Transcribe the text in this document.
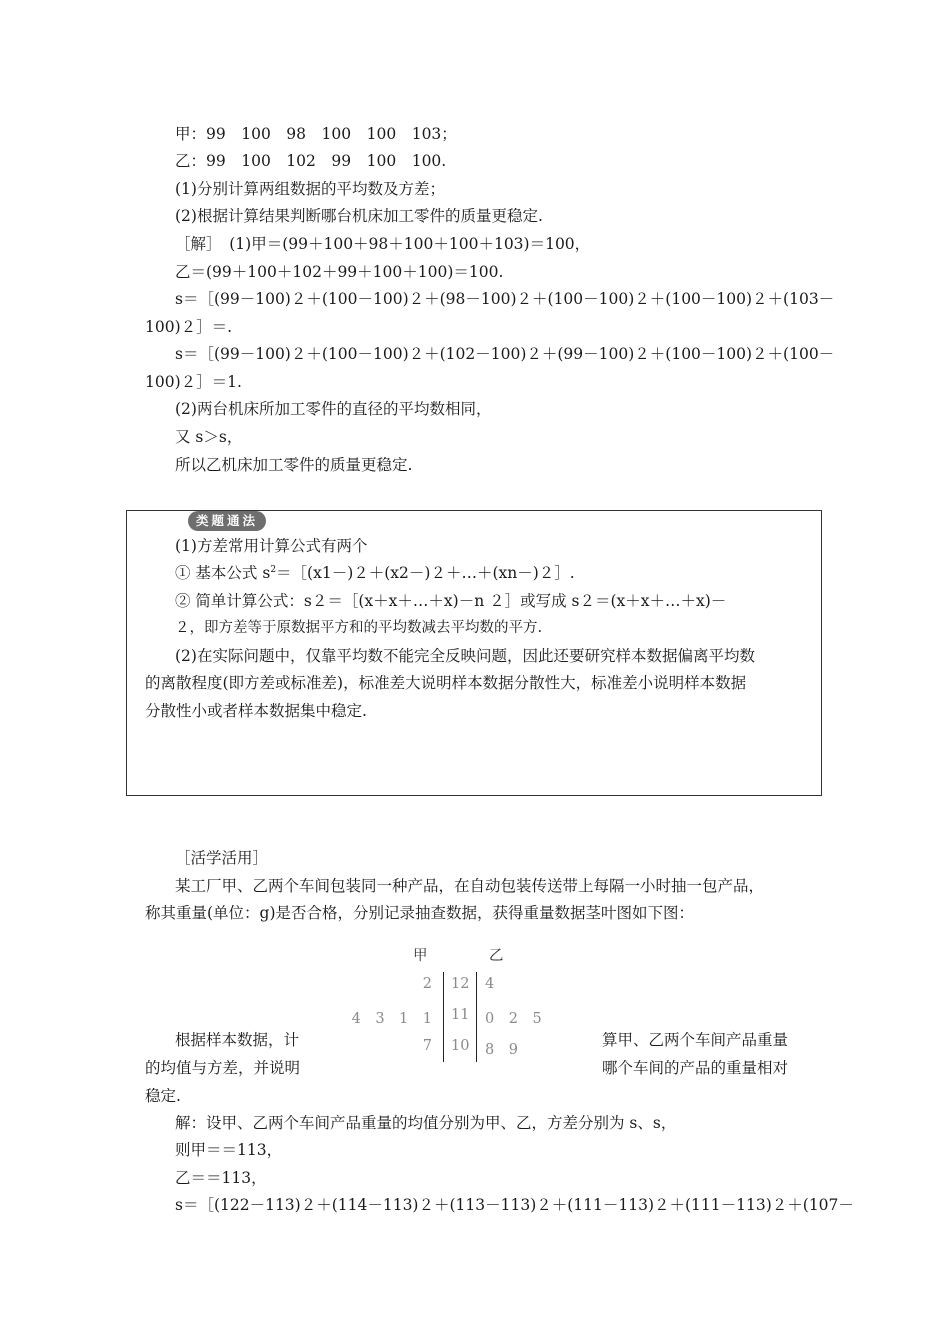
甲：99　100　98　100　100　103；
乙：99　100　102　99　100　100.
(1)分别计算两组数据的平均数及方差；
(2)根据计算结果判断哪台机床加工零件的质量更稳定.
［解］　(1)甲＝(99＋100＋98＋100＋100＋103)＝100，
乙＝(99＋100＋102＋99＋100＋100)＝100.
s＝［(99－100)２＋(100－100)２＋(98－100)２＋(100－100)２＋(100－100)２＋(103－
100)２］＝.
s＝［(99－100)２＋(100－100)２＋(102－100)２＋(99－100)２＋(100－100)２＋(100－
100)２］＝1.
(2)两台机床所加工零件的直径的平均数相同，
又 s＞s，
所以乙机床加工零件的质量更稳定.
类题通法
(1)方差常用计算公式有两个
① 基本公式 $s^2=[(x1-)2+(x2-)2+\dots+(xn-)2]$.
② 简单计算公式：s２＝［(x＋x＋…＋x)－n ２］或写成 s２＝(x＋x＋…＋x)－
２，即方差等于原数据平方和的平均数减去平均数的平方.
(2)在实际问题中，仅靠平均数不能完全反映问题，因此还要研究样本数据偏离平均数
的离散程度(即方差或标准差)，标准差大说明样本数据分散性大，标准差小说明样本数据
分散性小或者样本数据集中稳定.
［活学活用］
某工厂甲、乙两个车间包装同一种产品，在自动包装传送带上每隔一小时抽一包产品，
称其重量(单位：g)是否合格，分别记录抽查数据，获得重量数据茎叶图如下图：
甲	乙
2 12 4
4　3　1　1 11 0　2　5
7 10 8　9
根据样本数据，计
的均值与方差，并说明
稳定.
算甲、乙两个车间产品重量
哪个车间的产品的重量相对
解：设甲、乙两个车间产品重量的均值分别为甲、乙，方差分别为 s、s，
则甲＝＝113，
乙＝＝113，
s＝［(122－113)２＋(114－113)２＋(113－113)２＋(111－113)２＋(111－113)２＋(107－
